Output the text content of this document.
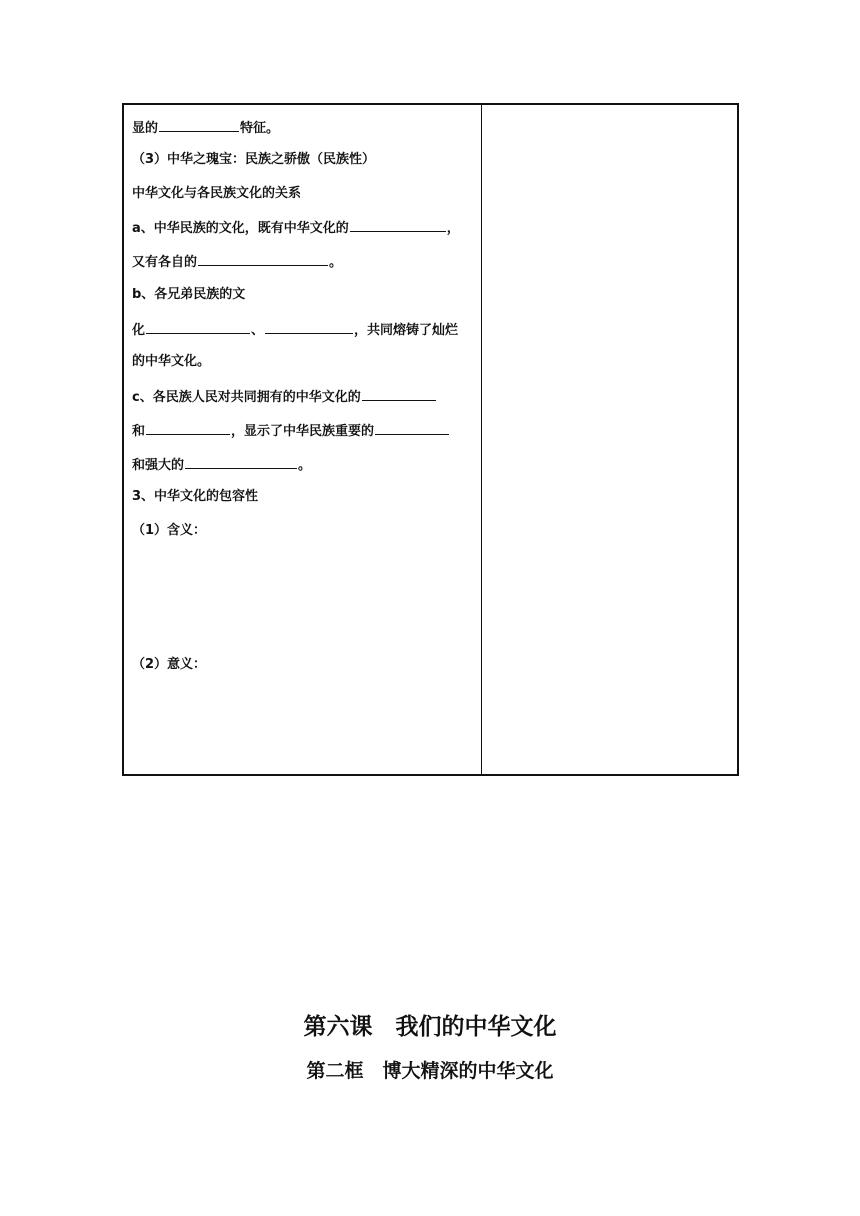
显的	特征。
（3）中华之瑰宝：民族之骄傲（民族性）
中华文化与各民族文化的关系
a、中华民族的文化，既有中华文化的	，
又有各自的	。
b、各兄弟民族的文
化	、	，共同熔铸了灿烂
的中华文化。
c、各民族人民对共同拥有的中华文化的
和	，显示了中华民族重要的
和强大的	。
3、中华文化的包容性
（1）含义：
（2）意义：
第六课　我们的中华文化
第二框　博大精深的中华文化
